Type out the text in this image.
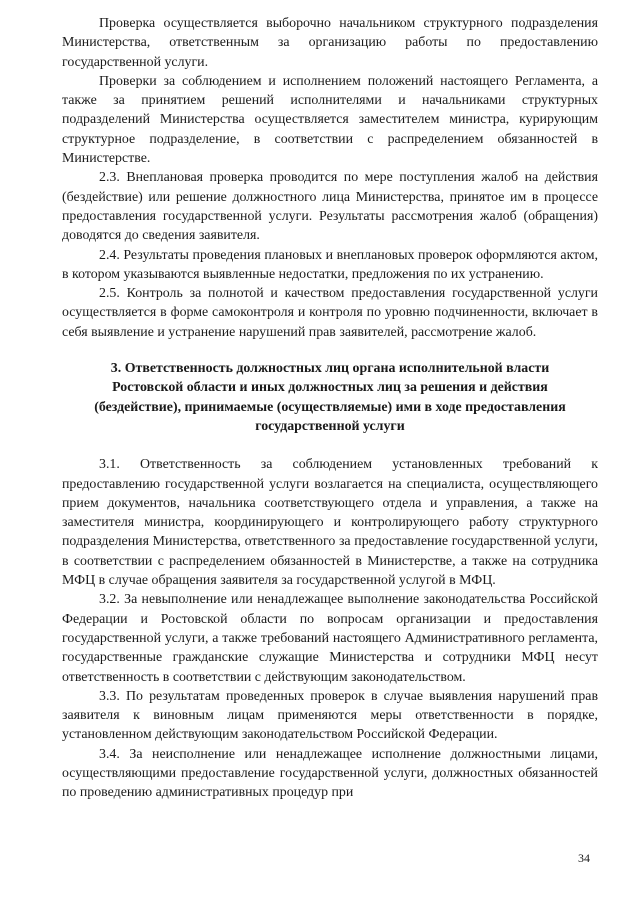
Проверка осуществляется выборочно начальником структурного подразделения Министерства, ответственным за организацию работы по предоставлению государственной услуги.

Проверки за соблюдением и исполнением положений настоящего Регламента, а также за принятием решений исполнителями и начальниками структурных подразделений Министерства осуществляется заместителем министра, курирующим структурное подразделение, в соответствии с распределением обязанностей в Министерстве.

2.3. Внеплановая проверка проводится по мере поступления жалоб на действия (бездействие) или решение должностного лица Министерства, принятое им в процессе предоставления государственной услуги. Результаты рассмотрения жалоб (обращения) доводятся до сведения заявителя.

2.4. Результаты проведения плановых и внеплановых проверок оформляются актом, в котором указываются выявленные недостатки, предложения по их устранению.

2.5. Контроль за полнотой и качеством предоставления государственной услуги осуществляется в форме самоконтроля и контроля по уровню подчиненности, включает в себя выявление и устранение нарушений прав заявителей, рассмотрение жалоб.

3. Ответственность должностных лиц органа исполнительной власти Ростовской области и иных должностных лиц за решения и действия (бездействие), принимаемые (осуществляемые) ими в ходе предоставления государственной услуги

3.1. Ответственность за соблюдением установленных требований к предоставлению государственной услуги возлагается на специалиста, осуществляющего прием документов, начальника соответствующего отдела и управления, а также на заместителя министра, координирующего и контролирующего работу структурного подразделения Министерства, ответственного за предоставление государственной услуги, в соответствии с распределением обязанностей в Министерстве, а также на сотрудника МФЦ в случае обращения заявителя за государственной услугой в МФЦ.

3.2. За невыполнение или ненадлежащее выполнение законодательства Российской Федерации и Ростовской области по вопросам организации и предоставления государственной услуги, а также требований настоящего Административного регламента, государственные гражданские служащие Министерства и сотрудники МФЦ несут ответственность в соответствии с действующим законодательством.

3.3. По результатам проведенных проверок в случае выявления нарушений прав заявителя к виновным лицам применяются меры ответственности в порядке, установленном действующим законодательством Российской Федерации.

3.4. За неисполнение или ненадлежащее исполнение должностными лицами, осуществляющими предоставление государственной услуги, должностных обязанностей по проведению административных процедур при

34
